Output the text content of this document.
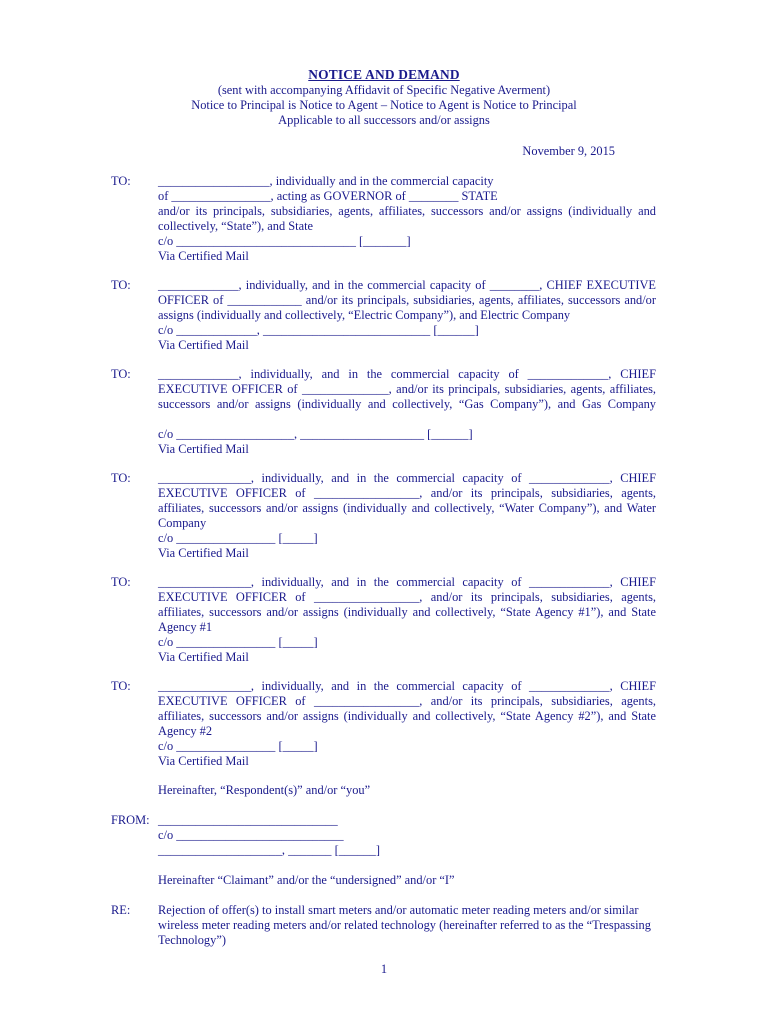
NOTICE AND DEMAND
(sent with accompanying Affidavit of Specific Negative Averment)
Notice to Principal is Notice to Agent – Notice to Agent is Notice to Principal
Applicable to all successors and/or assigns
November 9, 2015
TO:	__________________, individually and in the commercial capacity

of ________________, acting as GOVERNOR of ________ STATE

and/or its principals, subsidiaries, agents, affiliates, successors and/or assigns (individually and collectively, “State”), and State

c/o _____________________________ [_______]

Via Certified Mail

TO:	_____________, individually, and in the commercial capacity of ________, CHIEF EXECUTIVE OFFICER of ____________ and/or its principals, subsidiaries, agents, affiliates, successors and/or assigns (individually and collectively, “Electric Company”), and Electric Company

c/o _____________, ___________________________ [______]

Via Certified Mail

TO:	_____________, individually, and in the commercial capacity of _____________, CHIEF EXECUTIVE OFFICER of ______________, and/or its principals, subsidiaries, agents, affiliates, successors and/or assigns (individually and collectively, “Gas Company”), and Gas Company

c/o ___________________, ____________________ [______]

Via Certified Mail

TO:	_______________, individually, and in the commercial capacity of _____________, CHIEF EXECUTIVE OFFICER of _________________, and/or its principals, subsidiaries, agents, affiliates, successors and/or assigns (individually and collectively, “Water Company”), and Water Company

c/o ________________ [_____]

Via Certified Mail

TO:	_______________, individually, and in the commercial capacity of _____________, CHIEF EXECUTIVE OFFICER of _________________, and/or its principals, subsidiaries, agents, affiliates, successors and/or assigns (individually and collectively, “State Agency #1”), and State Agency #1

c/o ________________ [_____]

Via Certified Mail

TO:	_______________, individually, and in the commercial capacity of _____________, CHIEF EXECUTIVE OFFICER of _________________, and/or its principals, subsidiaries, agents, affiliates, successors and/or assigns (individually and collectively, “State Agency #2”), and State Agency #2

c/o ________________ [_____]

Via Certified Mail

Hereinafter, “Respondent(s)” and/or “you”
FROM: _____________________________

c/o ___________________________

____________________, _______ [______]

Hereinafter “Claimant” and/or the “undersigned” and/or “I”
RE:	Rejection of offer(s) to install smart meters and/or automatic meter reading meters and/or similar wireless meter reading meters and/or related technology (hereinafter referred to as the “Trespassing Technology”)

1
